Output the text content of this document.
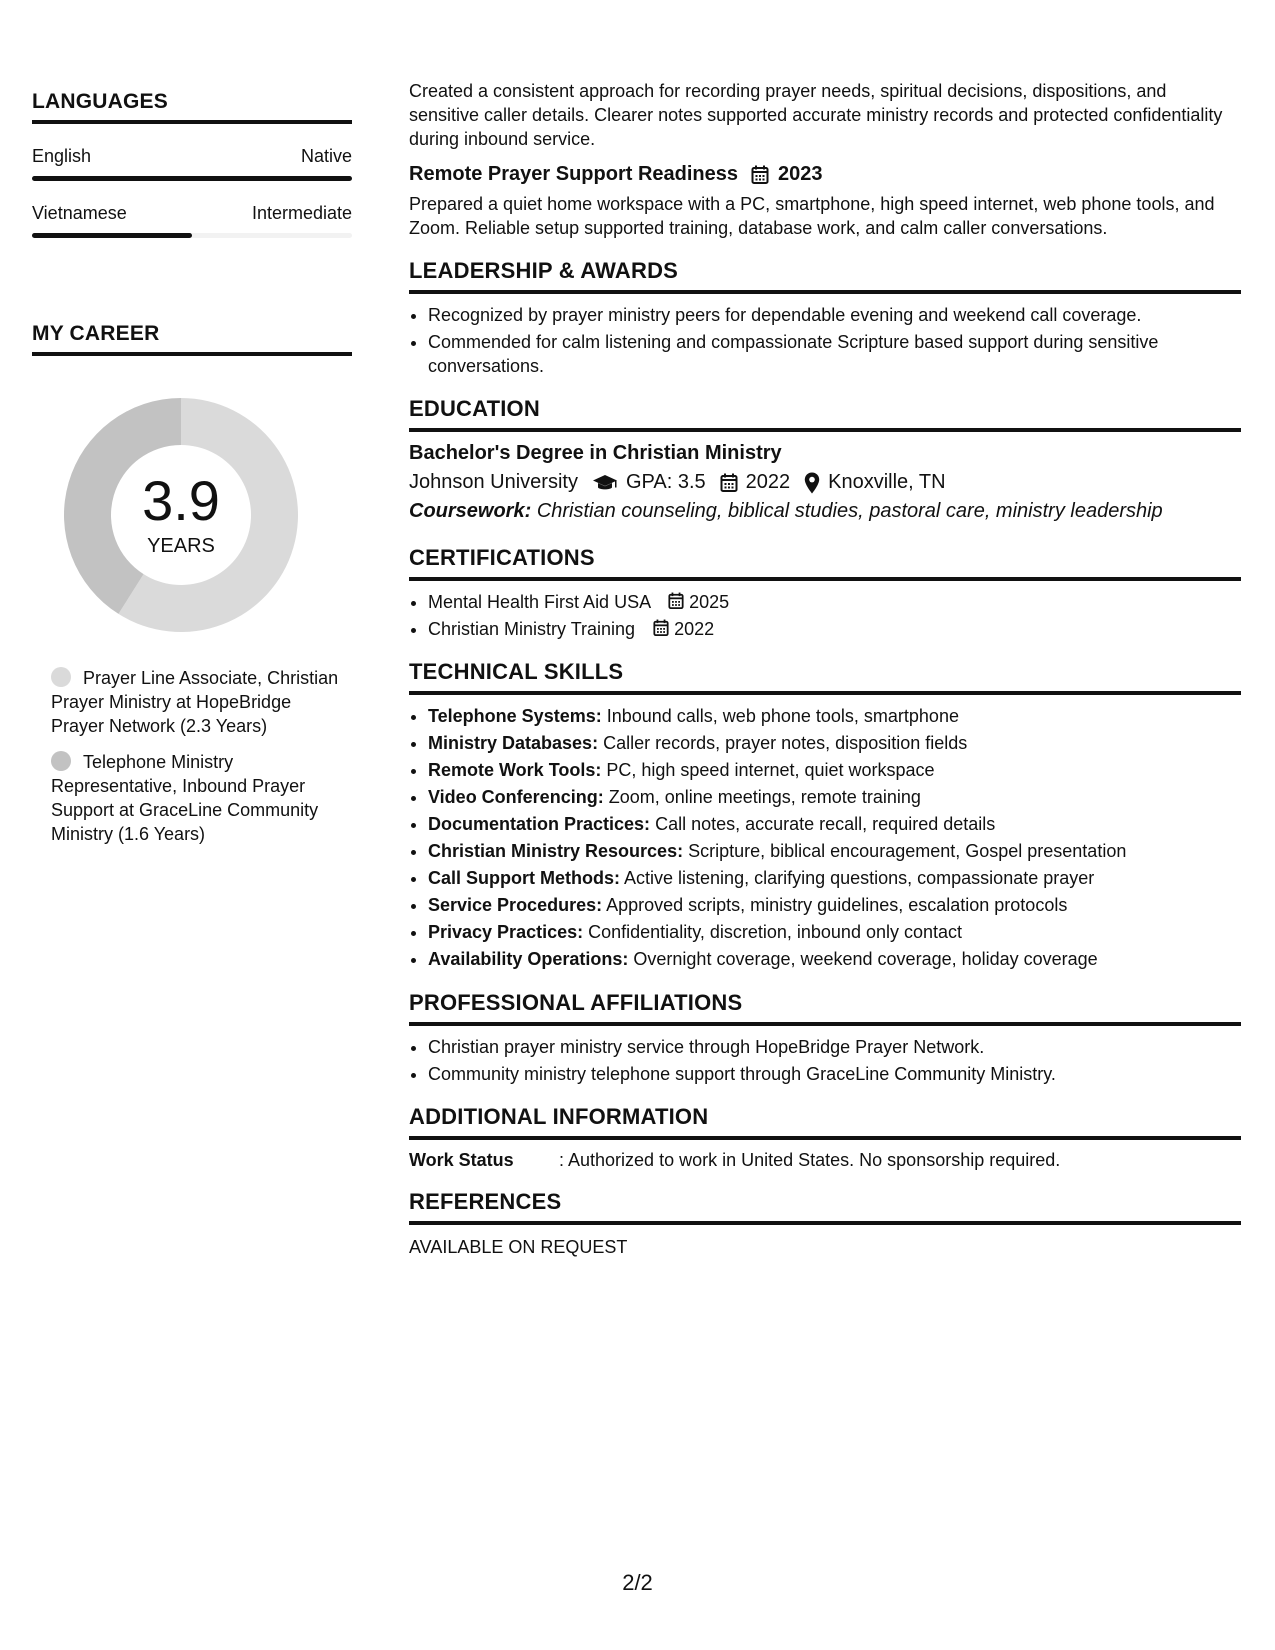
LANGUAGES
English	Native
Vietnamese	Intermediate
MY CAREER
3.9
YEARS
Prayer Line Associate, Christian Prayer Ministry at HopeBridge Prayer Network (2.3 Years)
Telephone Ministry Representative, Inbound Prayer Support at GraceLine Community Ministry (1.6 Years)
Created a consistent approach for recording prayer needs, spiritual decisions, dispositions, and sensitive caller details. Clearer notes supported accurate ministry records and protected confidentiality during inbound service.
Remote Prayer Support Readiness 2023
Prepared a quiet home workspace with a PC, smartphone, high speed internet, web phone tools, and Zoom. Reliable setup supported training, database work, and calm caller conversations.
LEADERSHIP & AWARDS
• Recognized by prayer ministry peers for dependable evening and weekend call coverage.
• Commended for calm listening and compassionate Scripture based support during sensitive conversations.
EDUCATION
Bachelor's Degree in Christian Ministry
Johnson University GPA: 3.5 2022 Knoxville, TN
Coursework: Christian counseling, biblical studies, pastoral care, ministry leadership
CERTIFICATIONS
• Mental Health First Aid USA 2025
• Christian Ministry Training 2022
TECHNICAL SKILLS
• Telephone Systems: Inbound calls, web phone tools, smartphone
• Ministry Databases: Caller records, prayer notes, disposition fields
• Remote Work Tools: PC, high speed internet, quiet workspace
• Video Conferencing: Zoom, online meetings, remote training
• Documentation Practices: Call notes, accurate recall, required details
• Christian Ministry Resources: Scripture, biblical encouragement, Gospel presentation
• Call Support Methods: Active listening, clarifying questions, compassionate prayer
• Service Procedures: Approved scripts, ministry guidelines, escalation protocols
• Privacy Practices: Confidentiality, discretion, inbound only contact
• Availability Operations: Overnight coverage, weekend coverage, holiday coverage
PROFESSIONAL AFFILIATIONS
• Christian prayer ministry service through HopeBridge Prayer Network.
• Community ministry telephone support through GraceLine Community Ministry.
ADDITIONAL INFORMATION
Work Status	: Authorized to work in United States. No sponsorship required.
REFERENCES
AVAILABLE ON REQUEST
2/2
